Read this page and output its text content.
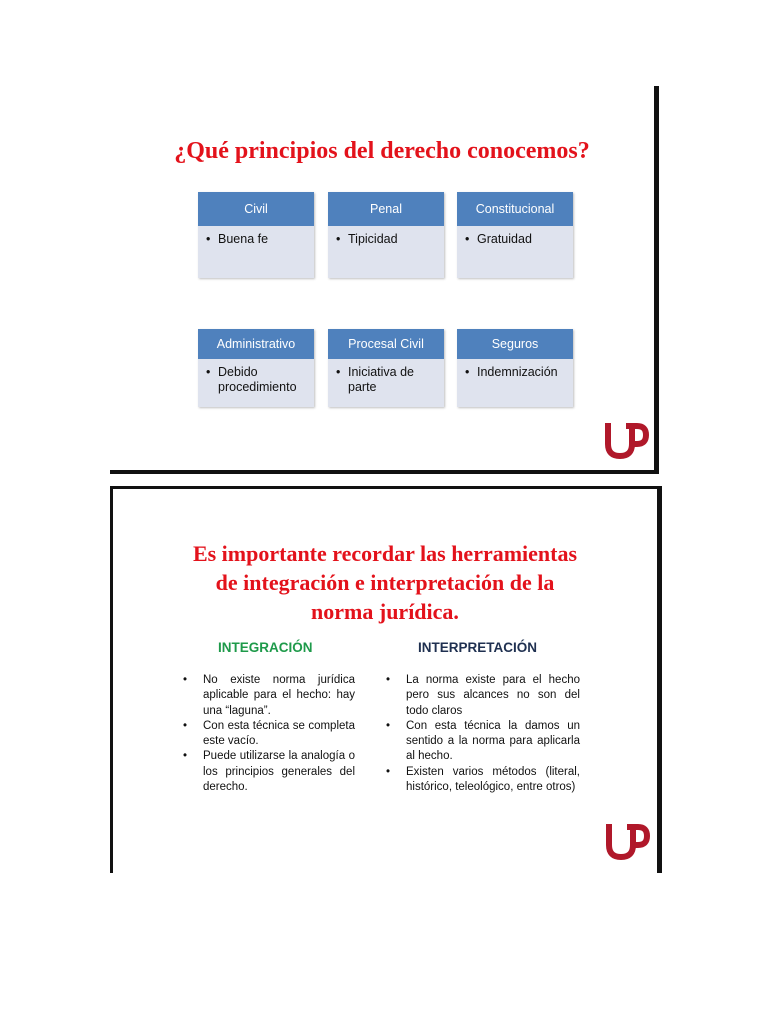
¿Qué principios del derecho conocemos?
Civil
• Buena fe
Penal
• Tipicidad
Constitucional
• Gratuidad
Administrativo
• Debido procedimiento
Procesal Civil
• Iniciativa de parte
Seguros
• Indemnización
Es importante recordar las herramientas
de integración e interpretación de la
norma jurídica.
INTEGRACIÓN	INTERPRETACIÓN
•	No existe norma jurídica aplicable para el hecho: hay una “laguna”.
•	Con esta técnica se completa este vacío.
•	Puede utilizarse la analogía o los principios generales del derecho.
•	La norma existe para el hecho pero sus alcances no son del todo claros
•	Con esta técnica la damos un sentido a la norma para aplicarla al hecho.
•	Existen varios métodos (literal, histórico, teleológico, entre otros)
